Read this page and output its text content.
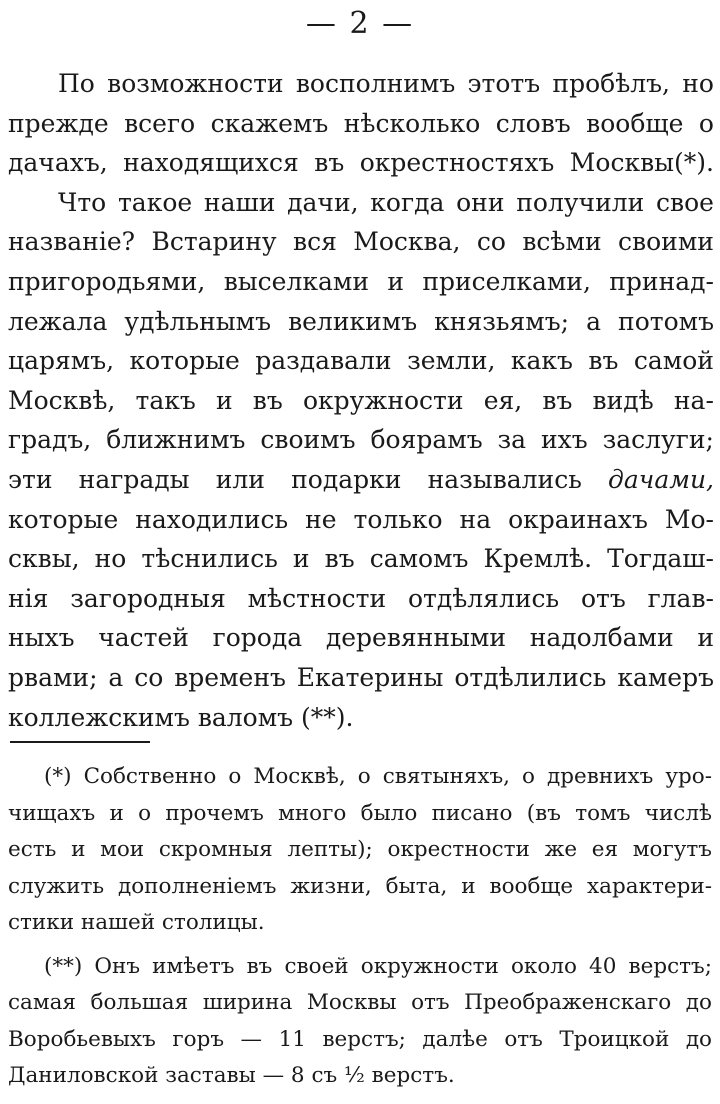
— 2 —
По возможности восполнимъ этотъ пробѣлъ, но
прежде всего скажемъ нѣсколько словъ вообще о
дачахъ, находящихся въ окрестностяхъ Москвы(*).
Что такое наши дачи, когда они получили свое
названіе? Встарину вся Москва, со всѣми своими
пригородьями, выселками и приселками, принад-
лежала удѣльнымъ великимъ князьямъ; а потомъ
царямъ, которые раздавали земли, какъ въ самой
Москвѣ, такъ и въ окружности ея, въ видѣ на-
градъ, ближнимъ своимъ боярамъ за ихъ заслуги;
эти награды или подарки назывались дачами,
которые находились не только на окраинахъ Мо-
сквы, но тѣснились и въ самомъ Кремлѣ. Тогдаш-
нія загородныя мѣстности отдѣлялись отъ глав-
ныхъ частей города деревянными надолбами и
рвами; а со временъ Екатерины отдѣлились камеръ
коллежскимъ валомъ (**).
(*) Собственно о Москвѣ, о святыняхъ, о древнихъ уро-
чищахъ и о прочемъ много было писано (въ томъ числѣ
есть и мои скромныя лепты); окрестности же ея могутъ
служить дополненіемъ жизни, быта, и вообще характери-
стики нашей столицы.
(**) Онъ имѣетъ въ своей окружности около 40 верстъ;
самая большая ширина Москвы отъ Преображенскаго до
Воробьевыхъ горъ — 11 верстъ; далѣе отъ Троицкой до
Даниловской заставы — 8 съ ½ верстъ.
